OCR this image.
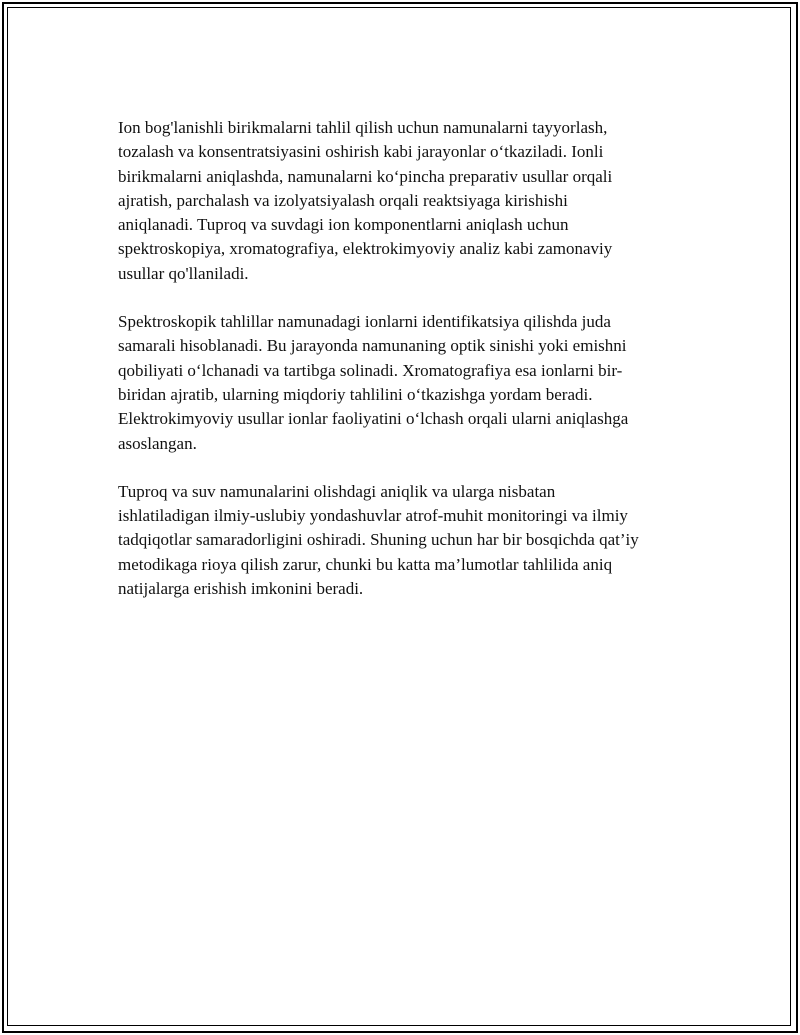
Ion bog'lanishli birikmalarni tahlil qilish uchun namunalarni tayyorlash,
tozalash va konsentratsiyasini oshirish kabi jarayonlar o‘tkaziladi. Ionli
birikmalarni aniqlashda, namunalarni ko‘pincha preparativ usullar orqali
ajratish, parchalash va izolyatsiyalash orqali reaktsiyaga kirishishi
aniqlanadi. Tuproq va suvdagi ion komponentlarni aniqlash uchun
spektroskopiya, xromatografiya, elektrokimyoviy analiz kabi zamonaviy
usullar qo'llaniladi.

Spektroskopik tahlillar namunadagi ionlarni identifikatsiya qilishda juda
samarali hisoblanadi. Bu jarayonda namunaning optik sinishi yoki emishni
qobiliyati o‘lchanadi va tartibga solinadi. Xromatografiya esa ionlarni bir-
biridan ajratib, ularning miqdoriy tahlilini o‘tkazishga yordam beradi.
Elektrokimyoviy usullar ionlar faoliyatini o‘lchash orqali ularni aniqlashga
asoslangan.

Tuproq va suv namunalarini olishdagi aniqlik va ularga nisbatan
ishlatiladigan ilmiy-uslubiy yondashuvlar atrof-muhit monitoringi va ilmiy
tadqiqotlar samaradorligini oshiradi. Shuning uchun har bir bosqichda qat’iy
metodikaga rioya qilish zarur, chunki bu katta ma’lumotlar tahlilida aniq
natijalarga erishish imkonini beradi.
